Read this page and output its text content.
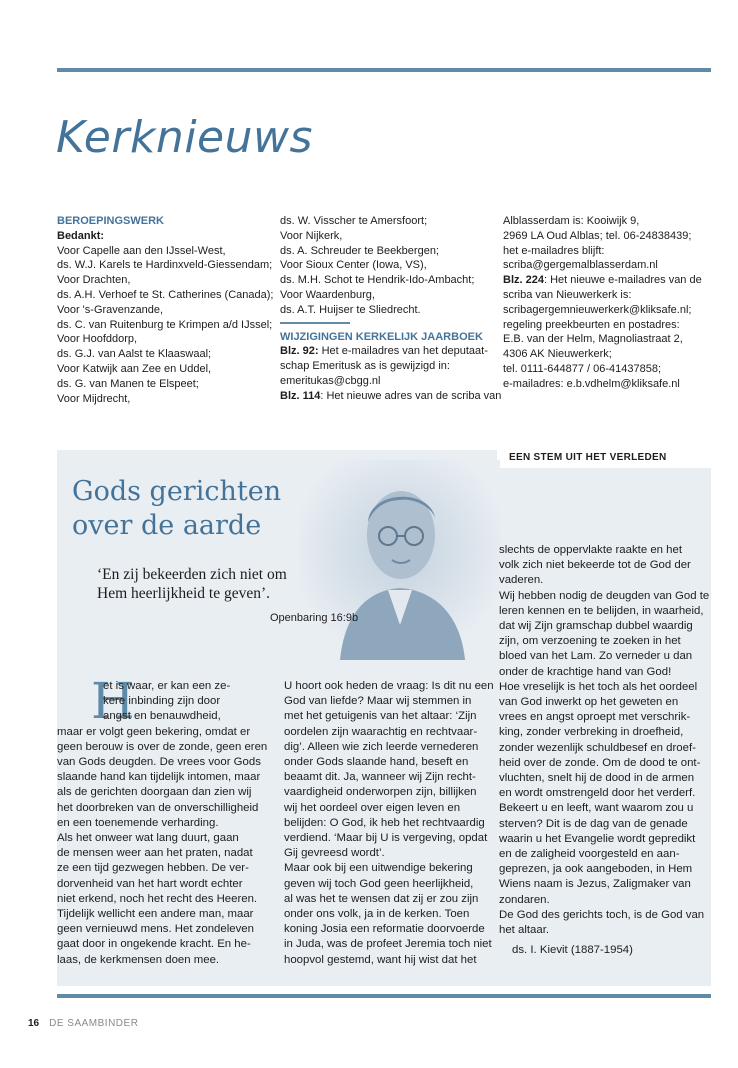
Kerknieuws
BEROEPINGSWERK
Bedankt:
Voor Capelle aan den IJssel-West,
ds. W.J. Karels te Hardinxveld-Giessendam;
Voor Drachten,
ds. A.H. Verhoef te St. Catherines (Canada);
Voor 's-Gravenzande,
ds. C. van Ruitenburg te Krimpen a/d IJssel;
Voor Hoofddorp,
ds. G.J. van Aalst te Klaaswaal;
Voor Katwijk aan Zee en Uddel,
ds. G. van Manen te Elspeet;
Voor Mijdrecht,
ds. W. Visscher te Amersfoort;
Voor Nijkerk,
ds. A. Schreuder te Beekbergen;
Voor Sioux Center (Iowa, VS),
ds. M.H. Schot te Hendrik-Ido-Ambacht;
Voor Waardenburg,
ds. A.T. Huijser te Sliedrecht.
WIJZIGINGEN KERKELIJK JAARBOEK
Blz. 92: Het e-mailadres van het deputaat-
schap Emeritusk as is gewijzigd in:
emeritukas@cbgg.nl
Blz. 114: Het nieuwe adres van de scriba van
Alblasserdam is: Kooiwijk 9,
2969 LA Oud Alblas; tel. 06-24838439;
het e-mailadres blijft:
scriba@gergemalblasserdam.nl
Blz. 224: Het nieuwe e-mailadres van de
scriba van Nieuwerkerk is:
scribagergemnieuwerkerk@kliksafe.nl;
regeling preekbeurten en postadres:
E.B. van der Helm, Magnoliastraat 2,
4306 AK Nieuwerkerk;
tel. 0111-644877 / 06-41437858;
e-mailadres: e.b.vdhelm@kliksafe.nl
EEN STEM UIT HET VERLEDEN
Gods gerichten
over de aarde
‘En zij bekeerden zich niet om
Hem heerlijkheid te geven’.
Openbaring 16:9b
H
et is waar, er kan een ze-
kere inbinding zijn door
angst en benauwdheid,
maar er volgt geen bekering, omdat er
geen berouw is over de zonde, geen eren
van Gods deugden. De vrees voor Gods
slaande hand kan tijdelijk intomen, maar
als de gerichten doorgaan dan zien wij
het doorbreken van de onverschilligheid
en een toenemende verharding.
Als het onweer wat lang duurt, gaan
de mensen weer aan het praten, nadat
ze een tijd gezwegen hebben. De ver-
dorvenheid van het hart wordt echter
niet erkend, noch het recht des Heeren.
Tijdelijk wellicht een andere man, maar
geen vernieuwd mens. Het zondeleven
gaat door in ongekende kracht. En he-
laas, de kerkmensen doen mee.
U hoort ook heden de vraag: Is dit nu een
God van liefde? Maar wij stemmen in
met het getuigenis van het altaar: ‘Zijn
oordelen zijn waarachtig en rechtvaar-
dig’. Alleen wie zich leerde vernederen
onder Gods slaande hand, beseft en
beaamt dit. Ja, wanneer wij Zijn recht-
vaardigheid onderworpen zijn, billijken
wij het oordeel over eigen leven en
belijden: O God, ik heb het rechtvaardig
verdiend. ‘Maar bij U is vergeving, opdat
Gij gevreesd wordt’.
Maar ook bij een uitwendige bekering
geven wij toch God geen heerlijkheid,
al was het te wensen dat zij er zou zijn
onder ons volk, ja in de kerken. Toen
koning Josia een reformatie doorvoerde
in Juda, was de profeet Jeremia toch niet
hoopvol gestemd, want hij wist dat het
slechts de oppervlakte raakte en het
volk zich niet bekeerde tot de God der
vaderen.
Wij hebben nodig de deugden van God te
leren kennen en te belijden, in waarheid,
dat wij Zijn gramschap dubbel waardig
zijn, om verzoening te zoeken in het
bloed van het Lam. Zo verneder u dan
onder de krachtige hand van God!
Hoe vreselijk is het toch als het oordeel
van God inwerkt op het geweten en
vrees en angst oproept met verschrik-
king, zonder verbreking in droefheid,
zonder wezenlijk schuldbesef en droef-
heid over de zonde. Om de dood te ont-
vluchten, snelt hij de dood in de armen
en wordt omstrengeld door het verderf.
Bekeert u en leeft, want waarom zou u
sterven? Dit is de dag van de genade
waarin u het Evangelie wordt gepredikt
en de zaligheid voorgesteld en aan-
geprezen, ja ook aangeboden, in Hem
Wiens naam is Jezus, Zaligmaker van
zondaren.
De God des gerichts toch, is de God van
het altaar.
ds. I. Kievit (1887-1954)
16 DE SAAMBINDER
